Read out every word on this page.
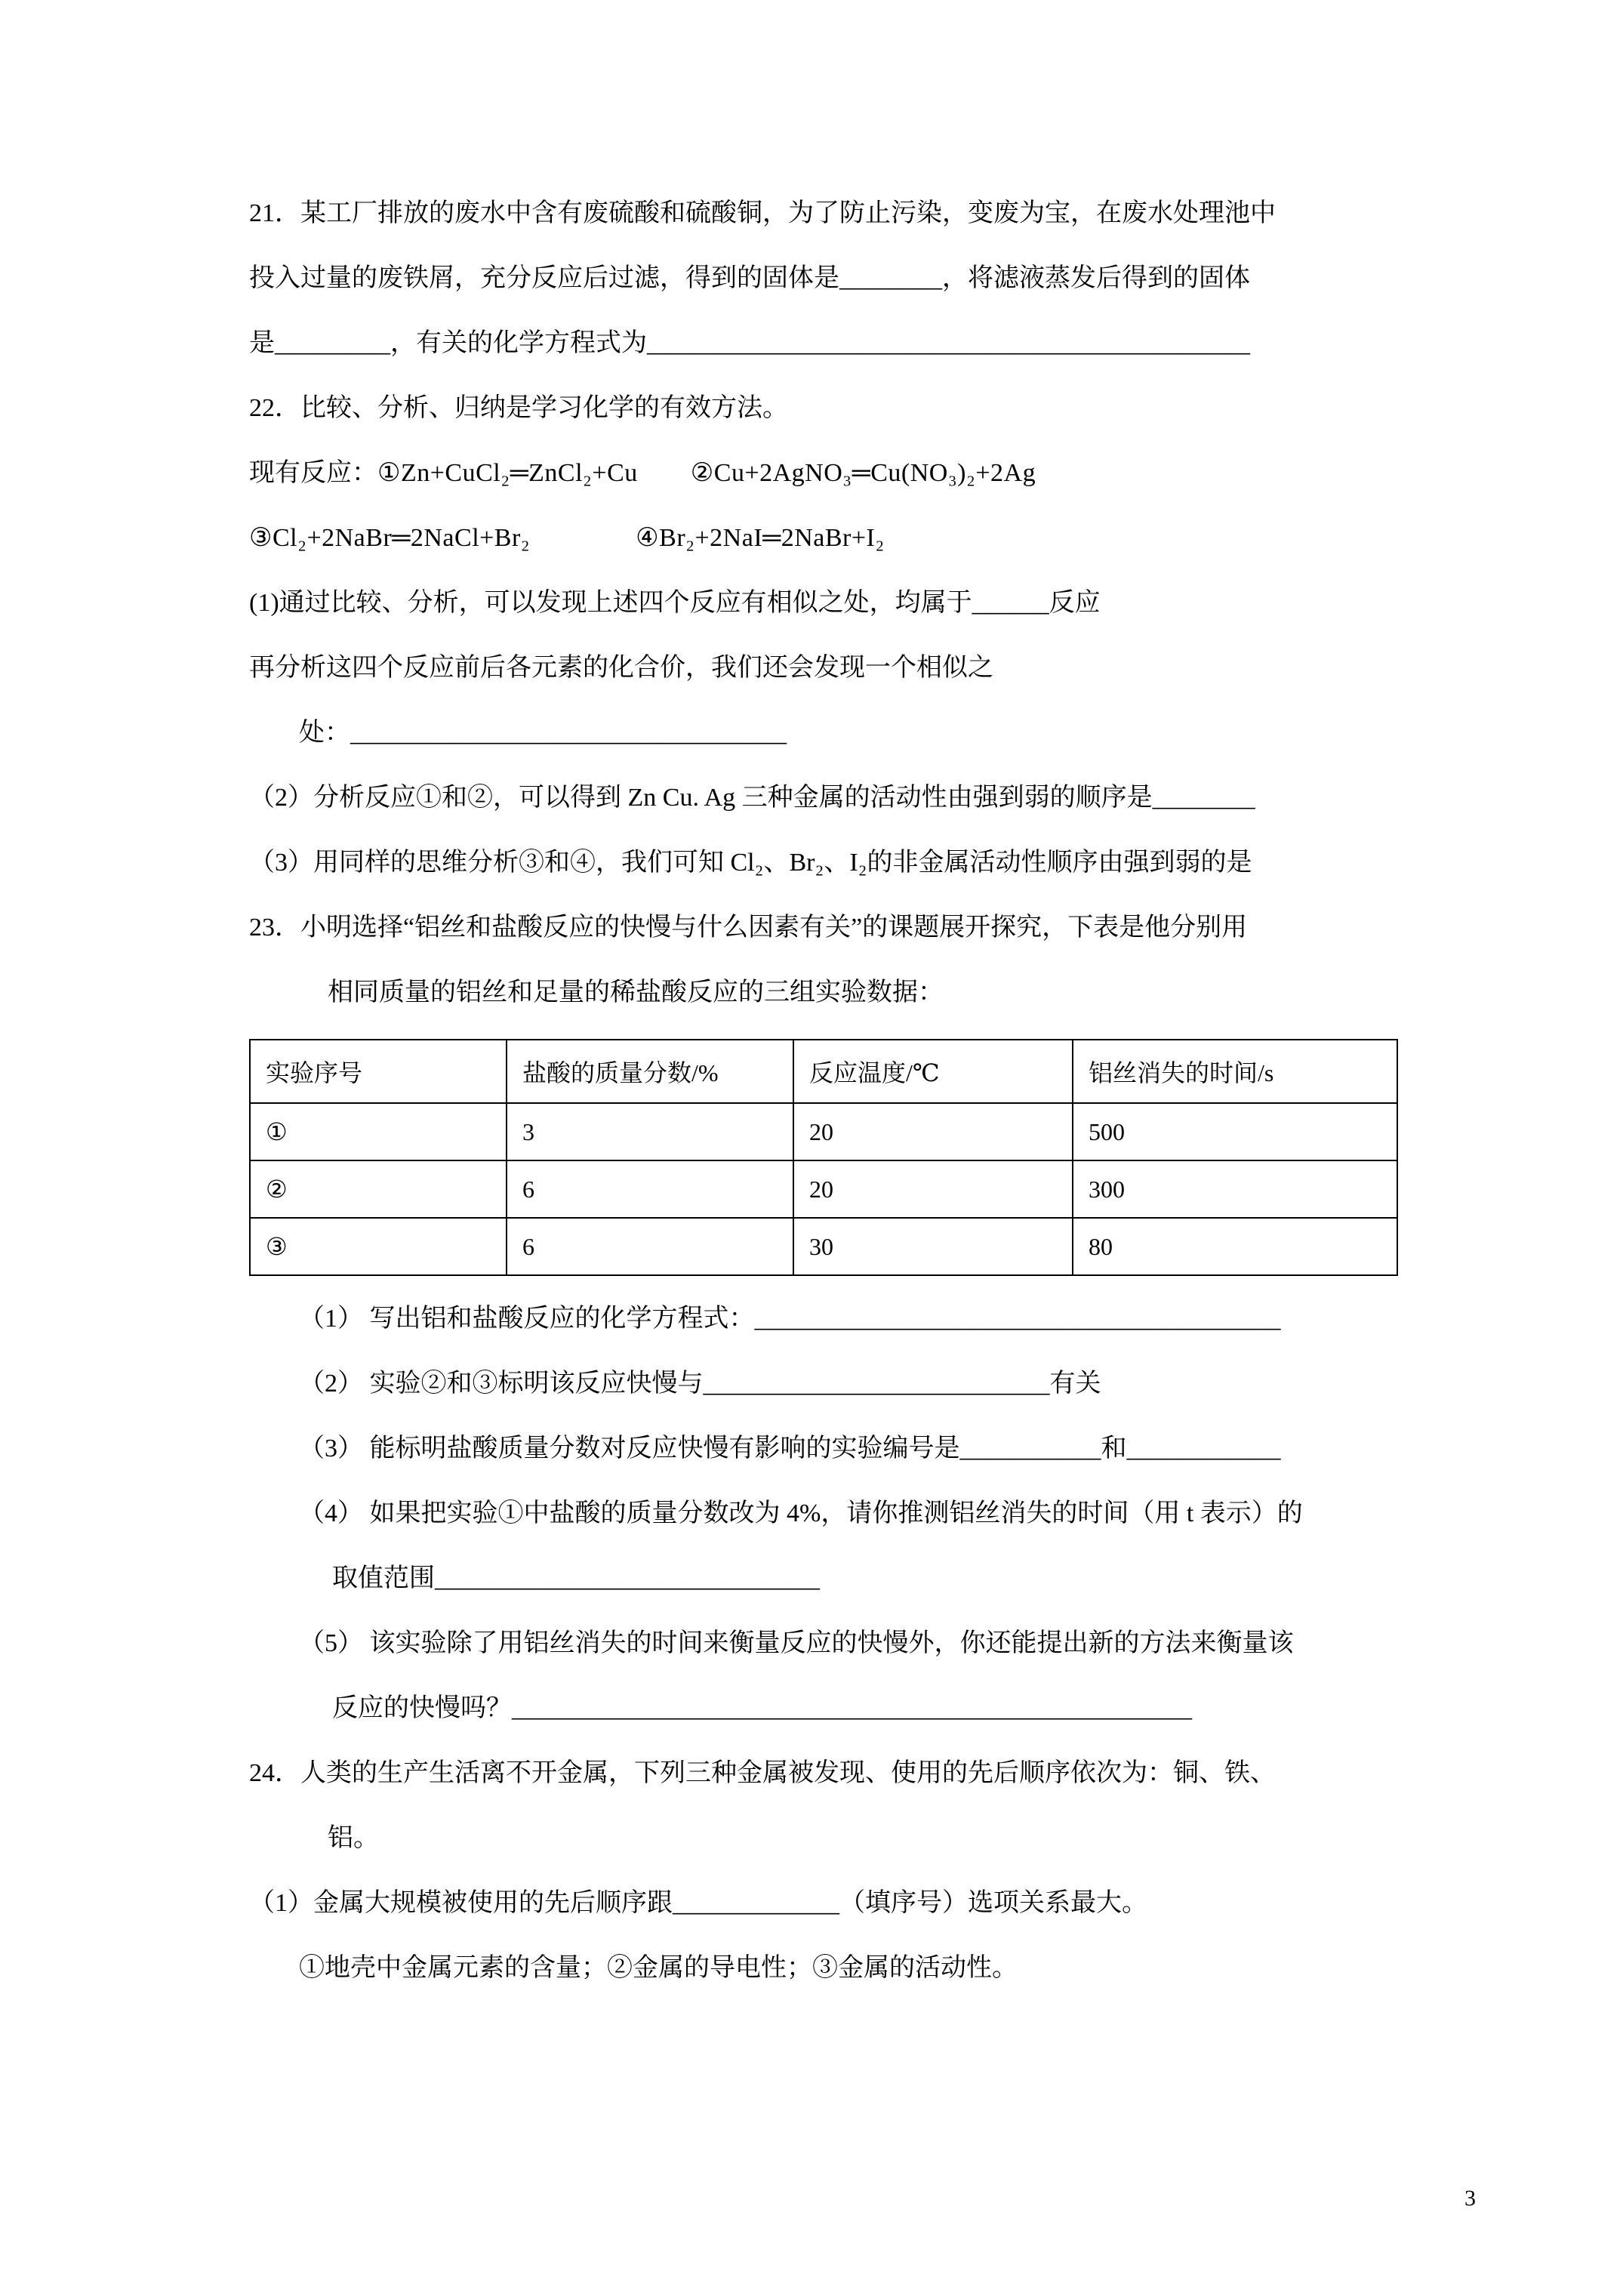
21．某工厂排放的废水中含有废硫酸和硫酸铜，为了防止污染，变废为宝，在废水处理池中
投入过量的废铁屑，充分反应后过滤，得到的固体是________，将滤液蒸发后得到的固体
是_________，有关的化学方程式为_______________________________________________
22．比较、分析、归纳是学习化学的有效方法。
现有反应：①Zn+CuCl₂═ZnCl₂+Cu ②Cu+2AgNO₃═Cu(NO₃)₂+2Ag
③Cl₂+2NaBr═2NaCl+Br₂	④Br₂+2NaI═2NaBr+I₂
(1)通过比较、分析，可以发现上述四个反应有相似之处，均属于______反应
再分析这四个反应前后各元素的化合价，我们还会发现一个相似之
处：__________________________________
（2）分析反应①和②，可以得到 Zn Cu. Ag 三种金属的活动性由强到弱的顺序是________
（3）用同样的思维分析③和④，我们可知 Cl₂、Br₂、I₂的非金属活动性顺序由强到弱的是
23．小明选择“铝丝和盐酸反应的快慢与什么因素有关”的课题展开探究，下表是他分别用
相同质量的铝丝和足量的稀盐酸反应的三组实验数据：
实验序号	盐酸的质量分数/%	反应温度/℃	铝丝消失的时间/s
①	3	20	500
②	6	20	300
③	6	30	80
（1） 写出铝和盐酸反应的化学方程式：_________________________________________
（2） 实验②和③标明该反应快慢与___________________________有关
（3） 能标明盐酸质量分数对反应快慢有影响的实验编号是___________和____________
（4） 如果把实验①中盐酸的质量分数改为 4%，请你推测铝丝消失的时间（用 t 表示）的
取值范围______________________________
（5） 该实验除了用铝丝消失的时间来衡量反应的快慢外，你还能提出新的方法来衡量该
反应的快慢吗？_____________________________________________________
24．人类的生产生活离不开金属，下列三种金属被发现、使用的先后顺序依次为：铜、铁、
铝。
（1）金属大规模被使用的先后顺序跟_____________（填序号）选项关系最大。
①地壳中金属元素的含量；②金属的导电性；③金属的活动性。
3
